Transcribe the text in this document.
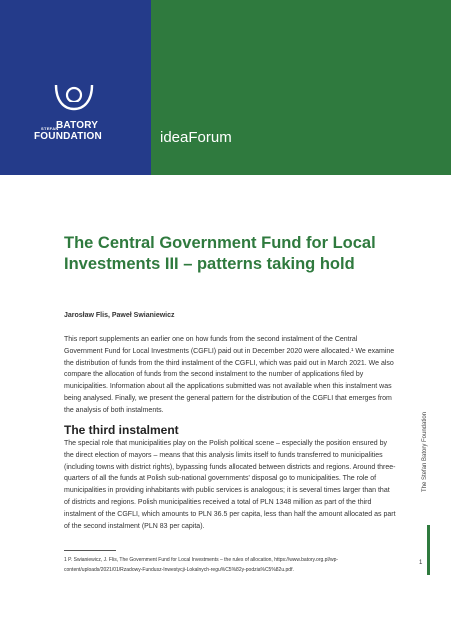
STEFAN
BATORY
FOUNDATION	ideaForum
The Central Government Fund for Local Investments III – patterns taking hold

Jarosław Flis, Paweł Swianiewicz

This report supplements an earlier one on how funds from the second instalment of the Central Government Fund for Local Investments (CGFLI) paid out in December 2020 were allocated.¹ We examine the distribution of funds from the third instalment of the CGFLI, which was paid out in March 2021. We also compare the allocation of funds from the second instalment to the number of applications filed by municipalities. Information about all the applications submitted was not available when this instalment was being analysed. Finally, we present the general pattern for the distribution of the CGFLI that emerges from the analysis of both instalments.

The third instalment

The special role that municipalities play on the Polish political scene – especially the position ensured by the direct election of mayors – means that this analysis limits itself to funds transferred to municipalities (including towns with district rights), bypassing funds allocated between districts and regions. Around three-quarters of all the funds at Polish sub-national governments' disposal go to municipalities. The role of municipalities in providing inhabitants with public services is analogous; it is several times larger than that of districts and regions. Polish municipalities received a total of PLN 1348 million as part of the third instalment of the CGFLI, which amounts to PLN 36.5 per capita, less than half the amount allocated as part of the second instalment (PLN 83 per capita).

The Stefan Batory Foundation

1 P. Swianiewicz, J. Flis, The Government Fund for Local Investments – the rules of allocation, https://www.batory.org.pl/wp-content/uploads/2021/01/Rzadowy-Fundusz-Inwestycji-Lokalnych-regu%C5%82y-podzia%C5%82u.pdf.

1
